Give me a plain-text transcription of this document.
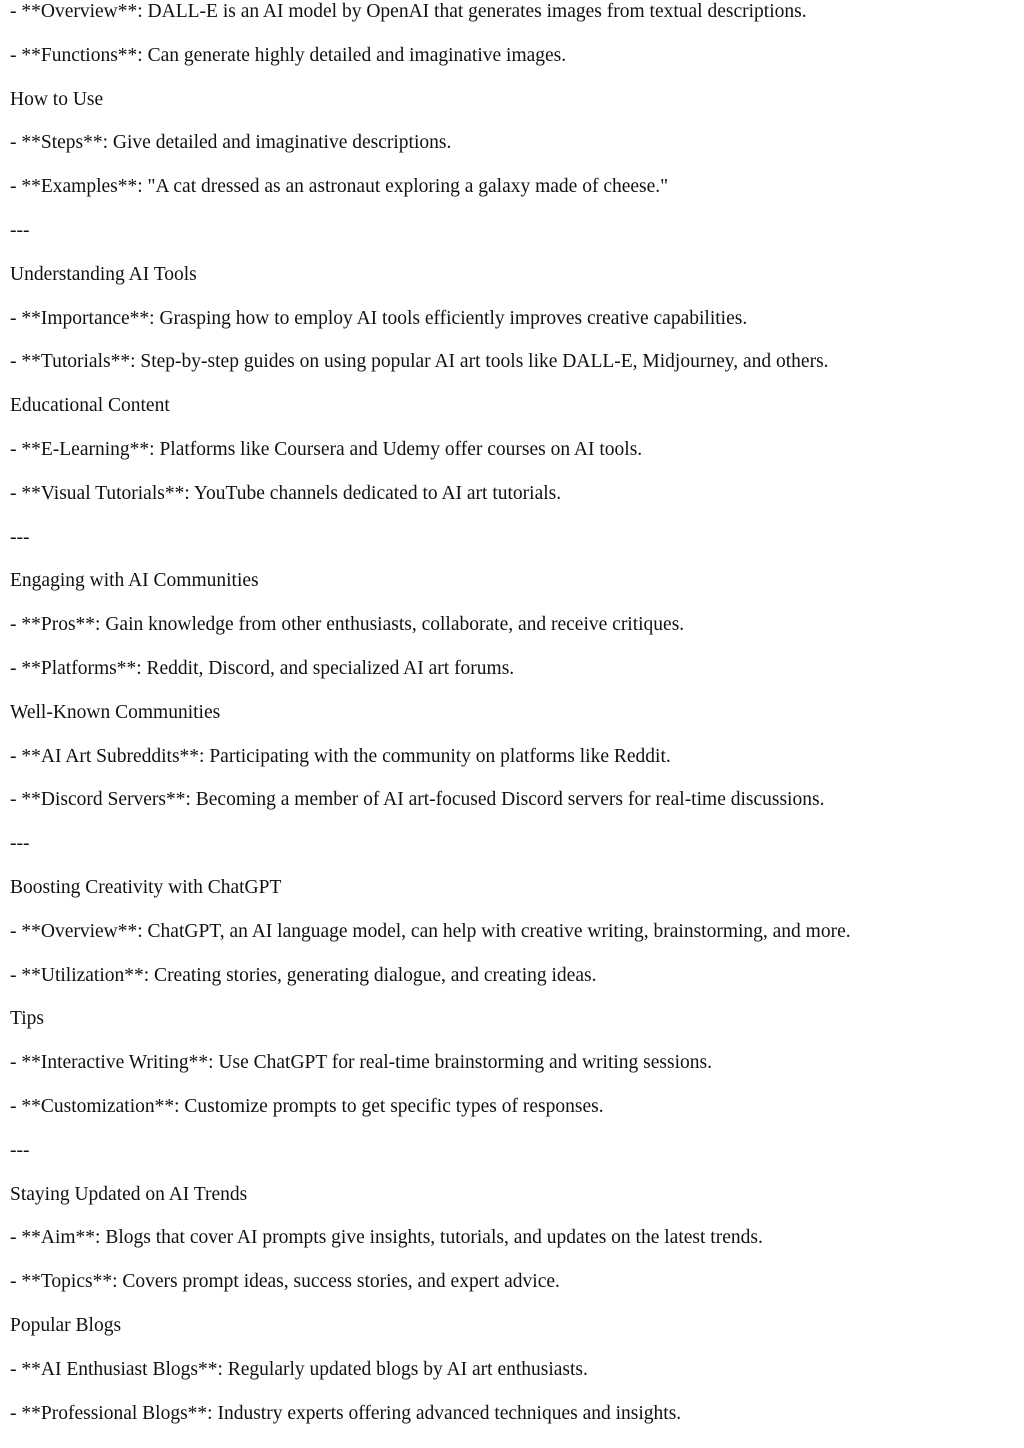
- **Overview**: DALL-E is an AI model by OpenAI that generates images from textual descriptions.
- **Functions**: Can generate highly detailed and imaginative images.
How to Use
- **Steps**: Give detailed and imaginative descriptions.
- **Examples**: "A cat dressed as an astronaut exploring a galaxy made of cheese."
---
Understanding AI Tools
- **Importance**: Grasping how to employ AI tools efficiently improves creative capabilities.
- **Tutorials**: Step-by-step guides on using popular AI art tools like DALL-E, Midjourney, and others.
Educational Content
- **E-Learning**: Platforms like Coursera and Udemy offer courses on AI tools.
- **Visual Tutorials**: YouTube channels dedicated to AI art tutorials.
---
Engaging with AI Communities
- **Pros**: Gain knowledge from other enthusiasts, collaborate, and receive critiques.
- **Platforms**: Reddit, Discord, and specialized AI art forums.
Well-Known Communities
- **AI Art Subreddits**: Participating with the community on platforms like Reddit.
- **Discord Servers**: Becoming a member of AI art-focused Discord servers for real-time discussions.
---
Boosting Creativity with ChatGPT
- **Overview**: ChatGPT, an AI language model, can help with creative writing, brainstorming, and more.
- **Utilization**: Creating stories, generating dialogue, and creating ideas.
Tips
- **Interactive Writing**: Use ChatGPT for real-time brainstorming and writing sessions.
- **Customization**: Customize prompts to get specific types of responses.
---
Staying Updated on AI Trends
- **Aim**: Blogs that cover AI prompts give insights, tutorials, and updates on the latest trends.
- **Topics**: Covers prompt ideas, success stories, and expert advice.
Popular Blogs
- **AI Enthusiast Blogs**: Regularly updated blogs by AI art enthusiasts.
- **Professional Blogs**: Industry experts offering advanced techniques and insights.
